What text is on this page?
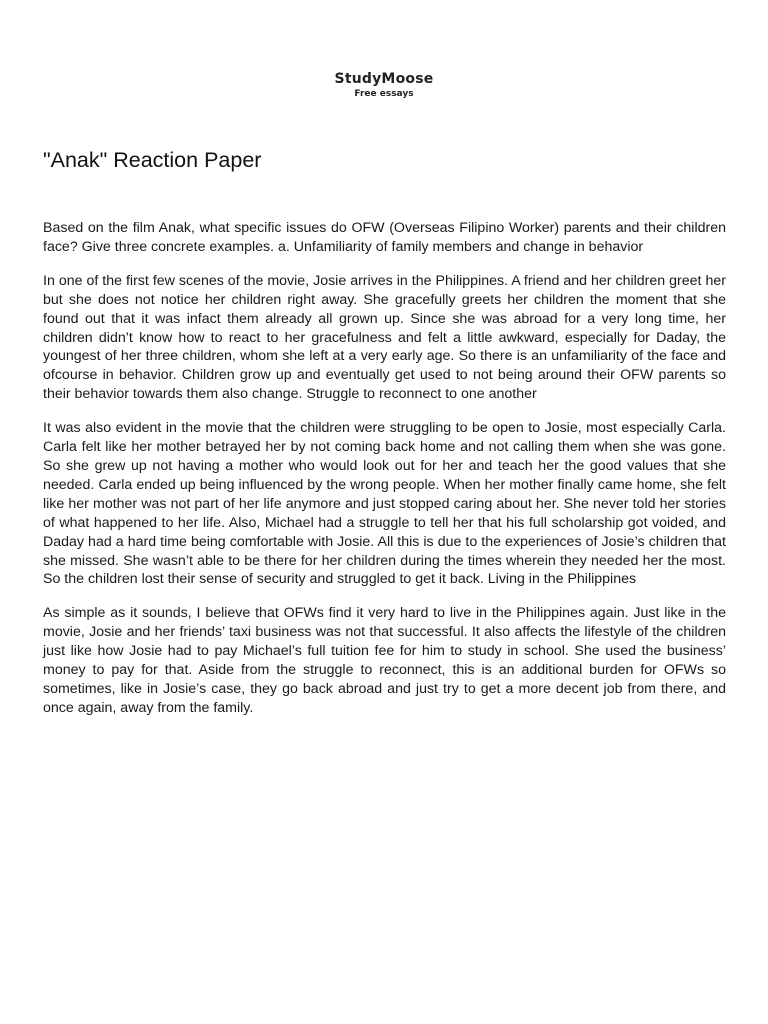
StudyMoose
Free essays
"Anak" Reaction Paper

Based on the film Anak, what specific issues do OFW (Overseas Filipino Worker) parents and their children face? Give three concrete examples. a. Unfamiliarity of family members and change in behavior

In one of the first few scenes of the movie, Josie arrives in the Philippines. A friend and her children greet her but she does not notice her children right away. She gracefully greets her children the moment that she found out that it was infact them already all grown up. Since she was abroad for a very long time, her children didn’t know how to react to her gracefulness and felt a little awkward, especially for Daday, the youngest of her three children, whom she left at a very early age. So there is an unfamiliarity of the face and ofcourse in behavior. Children grow up and eventually get used to not being around their OFW parents so their behavior towards them also change. Struggle to reconnect to one another

It was also evident in the movie that the children were struggling to be open to Josie, most especially Carla. Carla felt like her mother betrayed her by not coming back home and not calling them when she was gone. So she grew up not having a mother who would look out for her and teach her the good values that she needed. Carla ended up being influenced by the wrong people. When her mother finally came home, she felt like her mother was not part of her life anymore and just stopped caring about her. She never told her stories of what happened to her life. Also, Michael had a struggle to tell her that his full scholarship got voided, and Daday had a hard time being comfortable with Josie. All this is due to the experiences of Josie’s children that she missed. She wasn’t able to be there for her children during the times wherein they needed her the most. So the children lost their sense of security and struggled to get it back. Living in the Philippines

As simple as it sounds, I believe that OFWs find it very hard to live in the Philippines again. Just like in the movie, Josie and her friends’ taxi business was not that successful. It also affects the lifestyle of the children just like how Josie had to pay Michael’s full tuition fee for him to study in school. She used the business’ money to pay for that. Aside from the struggle to reconnect, this is an additional burden for OFWs so sometimes, like in Josie’s case, they go back abroad and just try to get a more decent job from there, and once again, away from the family.
